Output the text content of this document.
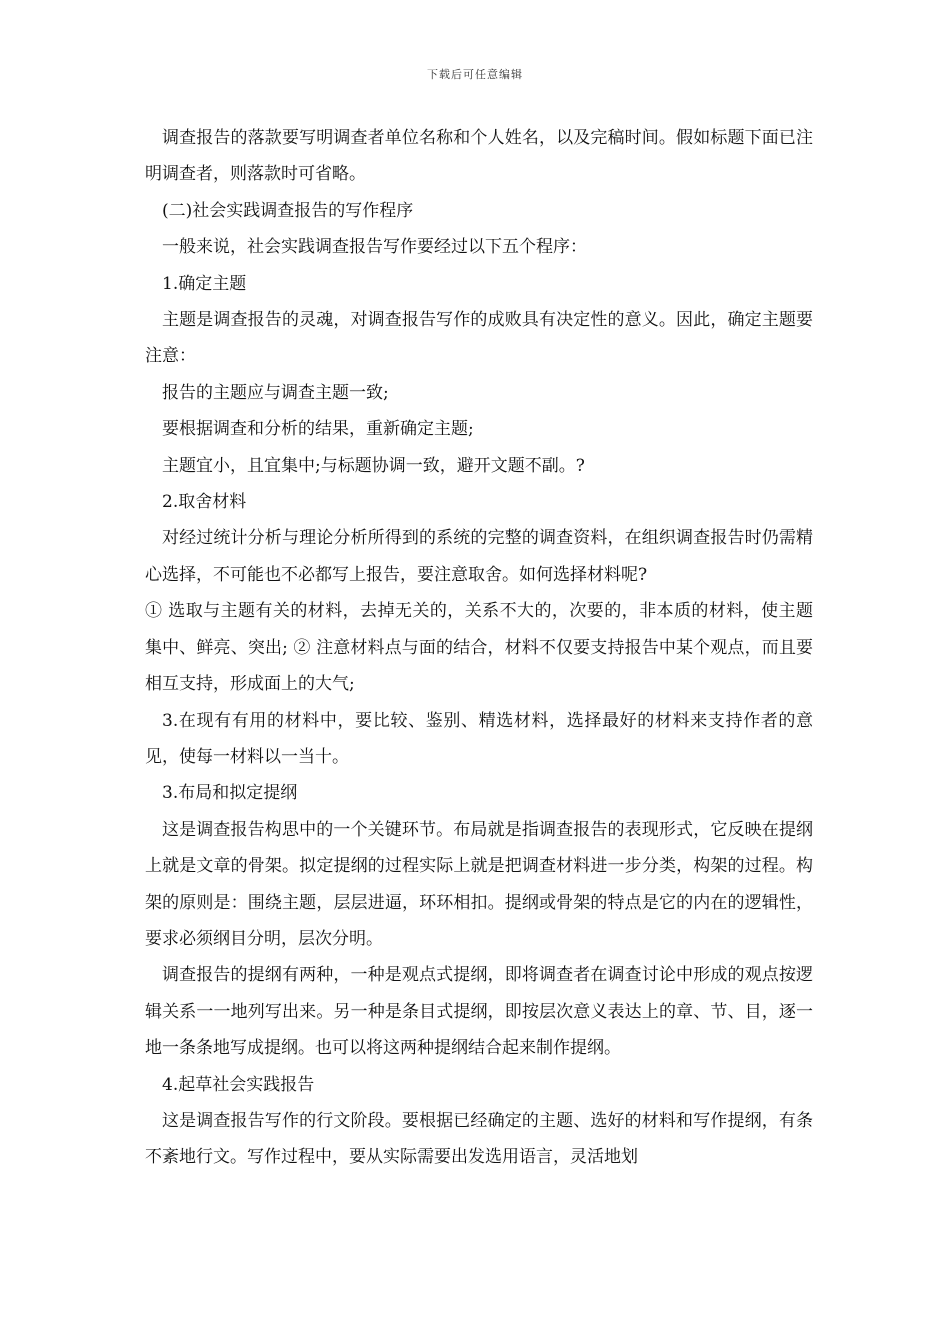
下载后可任意编辑

调查报告的落款要写明调查者单位名称和个人姓名，以及完稿时间。假如标题下面已注明调查者，则落款时可省略。

(二)社会实践调查报告的写作程序

一般来说，社会实践调查报告写作要经过以下五个程序：

1.确定主题

主题是调查报告的灵魂，对调查报告写作的成败具有决定性的意义。因此，确定主题要注意：

报告的主题应与调查主题一致;

要根据调查和分析的结果，重新确定主题;

主题宜小，且宜集中;与标题协调一致，避开文题不副。?

2.取舍材料

对经过统计分析与理论分析所得到的系统的完整的调查资料，在组织调查报告时仍需精心选择，不可能也不必都写上报告，要注意取舍。如何选择材料呢?

① 选取与主题有关的材料，去掉无关的，关系不大的，次要的，非本质的材料，使主题集中、鲜亮、突出; ② 注意材料点与面的结合，材料不仅要支持报告中某个观点，而且要相互支持，形成面上的大气;

3.在现有有用的材料中，要比较、鉴别、精选材料，选择最好的材料来支持作者的意见，使每一材料以一当十。

3.布局和拟定提纲

这是调查报告构思中的一个关键环节。布局就是指调查报告的表现形式，它反映在提纲上就是文章的骨架。拟定提纲的过程实际上就是把调查材料进一步分类，构架的过程。构架的原则是：围绕主题，层层进逼，环环相扣。提纲或骨架的特点是它的内在的逻辑性，要求必须纲目分明，层次分明。

调查报告的提纲有两种，一种是观点式提纲，即将调查者在调查讨论中形成的观点按逻辑关系一一地列写出来。另一种是条目式提纲，即按层次意义表达上的章、节、目，逐一地一条条地写成提纲。也可以将这两种提纲结合起来制作提纲。

4.起草社会实践报告

这是调查报告写作的行文阶段。要根据已经确定的主题、选好的材料和写作提纲，有条不紊地行文。写作过程中，要从实际需要出发选用语言，灵活地划
